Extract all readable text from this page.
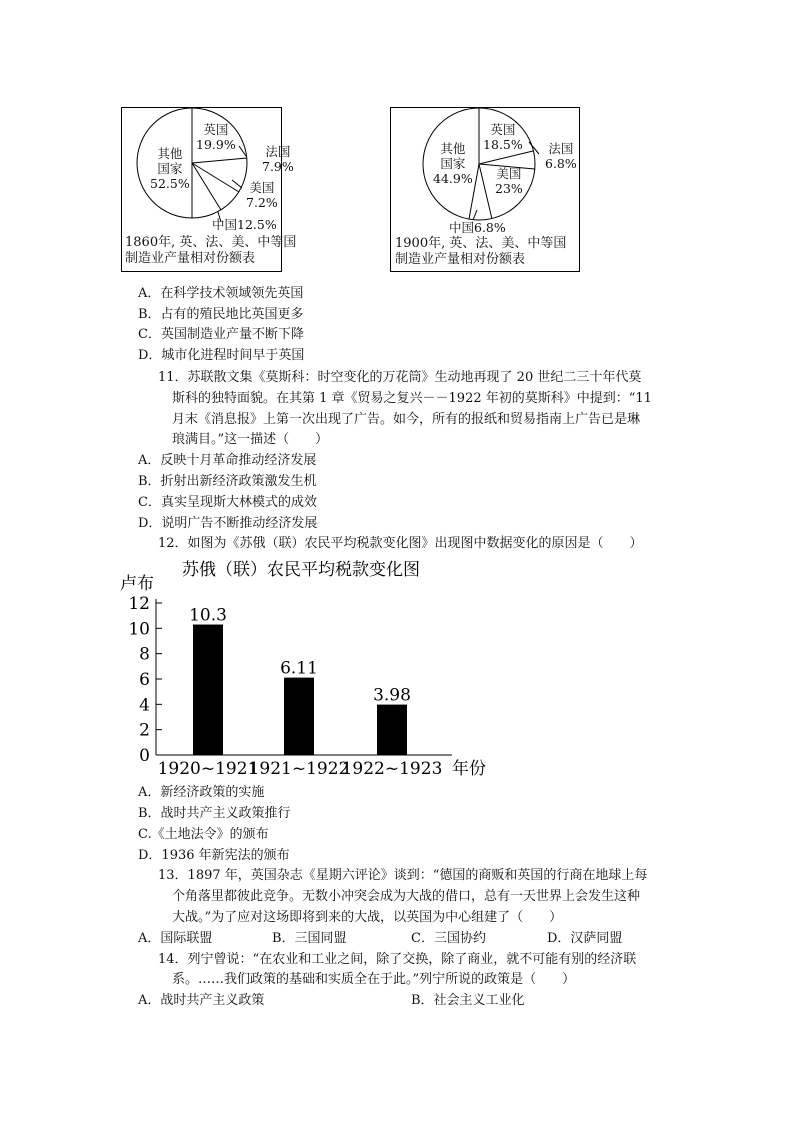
英国
19.9% 法国
7.9%
美国
7.2%
其他
国家
52.5%
中国12.5%
1860年, 英、法、美、中等国
制造业产量相对份额表
英国
18.5% 法国
6.8%
美国
23%
其他
国家
44.9%
中国6.8%
1900年, 英、法、美、中等国
制造业产量相对份额表
A．在科学技术领域领先英国
B．占有的殖民地比英国更多
C．英国制造业产量不断下降
D．城市化进程时间早于英国
11．苏联散文集《莫斯科：时空变化的万花筒》生动地再现了 20 世纪二三十年代莫
斯科的独特面貌。在其第 1 章《贸易之复兴－－1922 年初的莫斯科》中提到：“11
月末《消息报》上第一次出现了广告。如今，所有的报纸和贸易指南上广告已是琳
琅满目。”这一描述（　　）
A．反映十月革命推动经济发展
B．折射出新经济政策激发生机
C．真实呈现斯大林模式的成效
D．说明广告不断推动经济发展
12．如图为《苏俄（联）农民平均税款变化图》出现图中数据变化的原因是（　　）
苏俄（联）农民平均税款变化图
卢布
年份
0
2
4
6
8
10
12
10.3
1920~1921
6.11
1921~1922
3.98
1922~1923
A．新经济政策的实施
B．战时共产主义政策推行
C.《土地法令》的颁布
D．1936 年新宪法的颁布
13．1897 年，英国杂志《星期六评论》谈到：“德国的商贩和英国的行商在地球上每
个角落里都彼此竞争。无数小冲突会成为大战的借口，总有一天世界上会发生这种
大战。”为了应对这场即将到来的大战，以英国为中心组建了（　　）
A．国际联盟	B．三国同盟	C．三国协约	D．汉萨同盟
14．列宁曾说：“在农业和工业之间，除了交换，除了商业，就不可能有别的经济联
系。……我们政策的基础和实质全在于此。”列宁所说的政策是（　　）
A．战时共产主义政策	B．社会主义工业化
